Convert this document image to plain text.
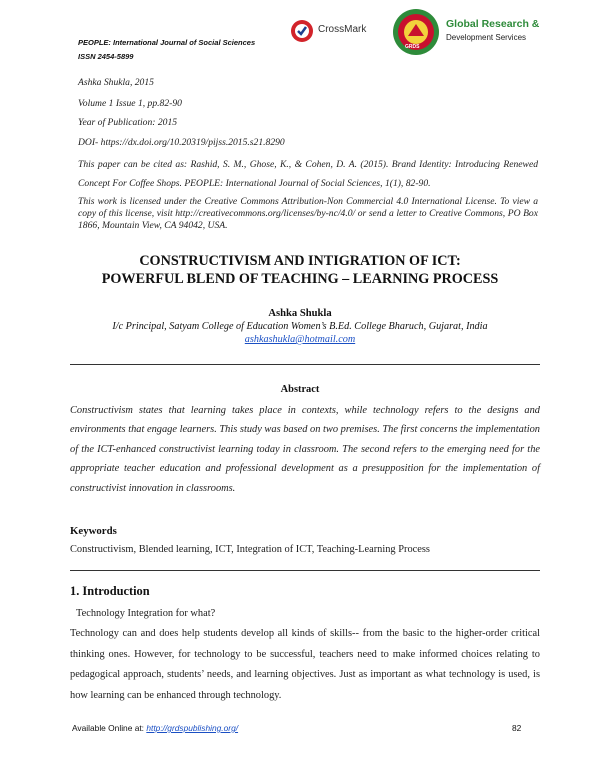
PEOPLE: International Journal of Social Sciences
ISSN 2454-5899
CrossMark
GRDS
Global Research &
Development Services
Ashka Shukla, 2015
Volume 1 Issue 1, pp.82-90
Year of Publication: 2015
DOI- https://dx.doi.org/10.20319/pijss.2015.s21.8290
This paper can be cited as: Rashid, S. M., Ghose, K., & Cohen, D. A. (2015). Brand Identity: Introducing Renewed Concept For Coffee Shops. PEOPLE: International Journal of Social Sciences, 1(1), 82-90.
This work is licensed under the Creative Commons Attribution-Non Commercial 4.0 International License. To view a copy of this license, visit http://creativecommons.org/licenses/by-nc/4.0/ or send a letter to Creative Commons, PO Box 1866, Mountain View, CA 94042, USA.
CONSTRUCTIVISM AND INTIGRATION OF ICT:
POWERFUL BLEND OF TEACHING – LEARNING PROCESS
Ashka Shukla
I/c Principal, Satyam College of Education Women’s B.Ed. College Bharuch, Gujarat, India
ashkashukla@hotmail.com
Abstract
Constructivism states that learning takes place in contexts, while technology refers to the designs and environments that engage learners. This study was based on two premises. The first concerns the implementation of the ICT-enhanced constructivist learning today in classroom. The second refers to the emerging need for the appropriate teacher education and professional development as a presupposition for the implementation of constructivist innovation in classrooms.
Keywords
Constructivism, Blended learning, ICT, Integration of ICT, Teaching-Learning Process
1. Introduction
Technology Integration for what?
Technology can and does help students develop all kinds of skills-- from the basic to the higher-order critical thinking ones. However, for technology to be successful, teachers need to make informed choices relating to pedagogical approach, students’ needs, and learning objectives. Just as important as what technology is used, is how learning can be enhanced through technology.
Available Online at: http://grdspublishing.org/	82
